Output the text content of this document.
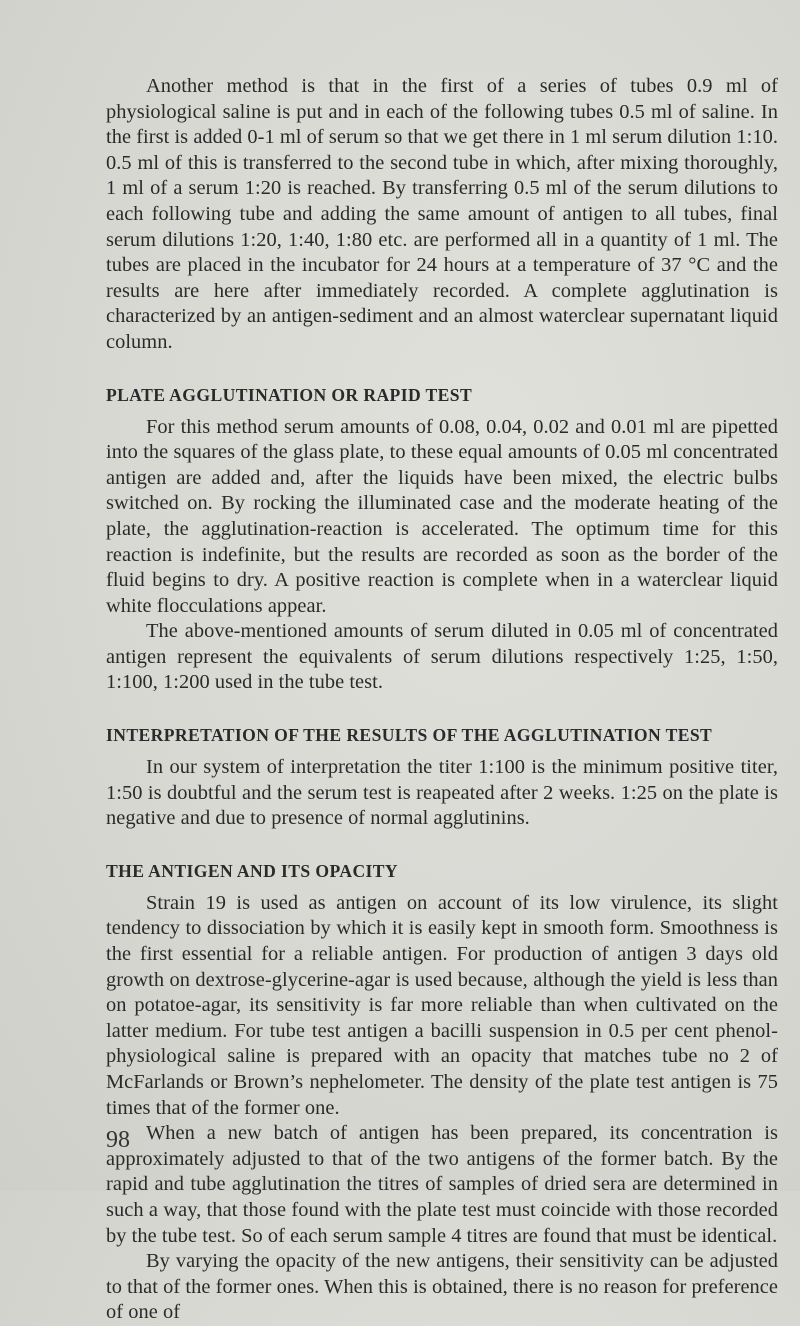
Another method is that in the first of a series of tubes 0.9 ml of physiological saline is put and in each of the following tubes 0.5 ml of saline. In the first is added 0-1 ml of serum so that we get there in 1 ml serum dilution 1:10. 0.5 ml of this is transferred to the second tube in which, after mixing thoroughly, 1 ml of a serum 1:20 is reached. By transferring 0.5 ml of the serum dilutions to each following tube and adding the same amount of antigen to all tubes, final serum dilutions 1:20, 1:40, 1:80 etc. are performed all in a quantity of 1 ml. The tubes are placed in the incubator for 24 hours at a temperature of 37 °C and the results are here after immediately recorded. A complete agglutination is characterized by an antigen-sediment and an almost waterclear supernatant liquid column.

PLATE AGGLUTINATION OR RAPID TEST

For this method serum amounts of 0.08, 0.04, 0.02 and 0.01 ml are pipetted into the squares of the glass plate, to these equal amounts of 0.05 ml concentrated antigen are added and, after the liquids have been mixed, the electric bulbs switched on. By rocking the illuminated case and the moderate heating of the plate, the agglutination-reaction is accelerated. The optimum time for this reaction is indefinite, but the results are recorded as soon as the border of the fluid begins to dry. A positive reaction is complete when in a waterclear liquid white flocculations appear.

The above-mentioned amounts of serum diluted in 0.05 ml of concentrated antigen represent the equivalents of serum dilutions respectively 1:25, 1:50, 1:100, 1:200 used in the tube test.

INTERPRETATION OF THE RESULTS OF THE AGGLUTINATION TEST

In our system of interpretation the titer 1:100 is the minimum positive titer, 1:50 is doubtful and the serum test is reapeated after 2 weeks. 1:25 on the plate is negative and due to presence of normal agglutinins.

THE ANTIGEN AND ITS OPACITY

Strain 19 is used as antigen on account of its low virulence, its slight tendency to dissociation by which it is easily kept in smooth form. Smoothness is the first essential for a reliable antigen. For production of antigen 3 days old growth on dextrose-glycerine-agar is used because, although the yield is less than on potatoe-agar, its sensitivity is far more reliable than when cultivated on the latter medium. For tube test antigen a bacilli suspension in 0.5 per cent phenol-physiological saline is prepared with an opacity that matches tube no 2 of McFarlands or Brown’s nephelometer. The density of the plate test antigen is 75 times that of the former one.

When a new batch of antigen has been prepared, its concentration is approximately adjusted to that of the two antigens of the former batch. By the rapid and tube agglutination the titres of samples of dried sera are determined in such a way, that those found with the plate test must coincide with those recorded by the tube test. So of each serum sample 4 titres are found that must be identical.

By varying the opacity of the new antigens, their sensitivity can be adjusted to that of the former ones. When this is obtained, there is no reason for preference of one of

98
